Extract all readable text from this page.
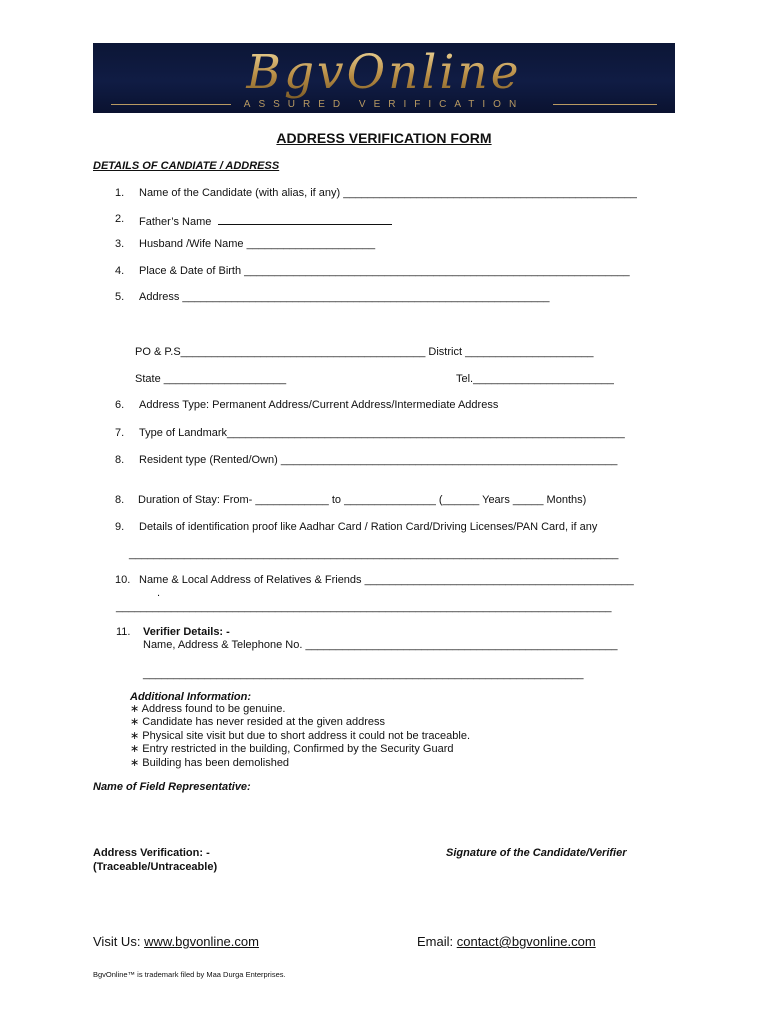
BgvOnline
ASSURED VERIFICATION
ADDRESS VERIFICATION FORM
DETAILS OF CANDIATE / ADDRESS
1. Name of the Candidate (with alias, if any) ________________________________________________
2. Father’s Name
3. Husband /Wife Name _____________________
4. Place & Date of Birth _______________________________________________________________
5. Address ____________________________________________________________
PO & P.S________________________________________ District _____________________
State ____________________	Tel._______________________
6. Address Type: Permanent Address/Current Address/Intermediate Address
7. Type of Landmark_________________________________________________________________
8. Resident type (Rented/Own) _______________________________________________________
8. Duration of Stay: From- ____________ to _______________ (______ Years _____ Months)
9. Details of identification proof like Aadhar Card / Ration Card/Driving Licenses/PAN Card, if any
________________________________________________________________________________
10. Name & Local Address of Relatives & Friends ____________________________________________
.
_________________________________________________________________________________
11. Verifier Details: -
Name, Address & Telephone No. ___________________________________________________
________________________________________________________________________
Additional Information:
∗ Address found to be genuine.
∗ Candidate has never resided at the given address
∗ Physical site visit but due to short address it could not be traceable.
∗ Entry restricted in the building, Confirmed by the Security Guard
∗ Building has been demolished
Name of Field Representative:
Address Verification: -
(Traceable/Untraceable)
Signature of the Candidate/Verifier
Visit Us: www.bgvonline.com	Email: contact@bgvonline.com
BgvOnline™ is trademark filed by Maa Durga Enterprises.
